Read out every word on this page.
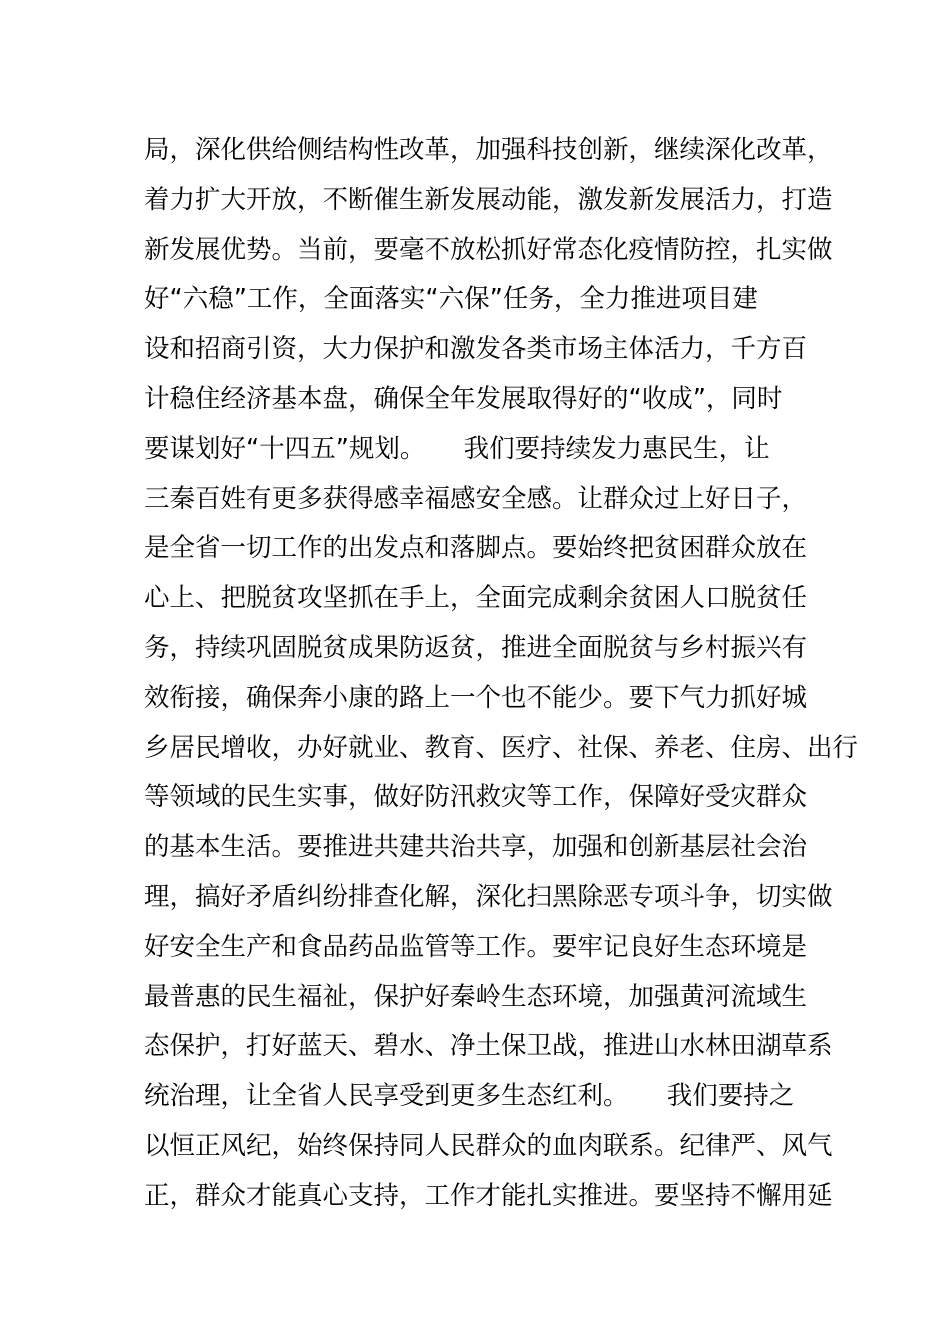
局，深化供给侧结构性改革，加强科技创新，继续深化改革，
着力扩大开放，不断催生新发展动能，激发新发展活力，打造
新发展优势。当前，要毫不放松抓好常态化疫情防控，扎实做
好“六稳”工作，全面落实“六保”任务，全力推进项目建
设和招商引资，大力保护和激发各类市场主体活力，千方百
计稳住经济基本盘，确保全年发展取得好的“收成”，同时
要谋划好“十四五”规划。　　我们要持续发力惠民生，让
三秦百姓有更多获得感幸福感安全感。让群众过上好日子，
是全省一切工作的出发点和落脚点。要始终把贫困群众放在
心上、把脱贫攻坚抓在手上，全面完成剩余贫困人口脱贫任
务，持续巩固脱贫成果防返贫，推进全面脱贫与乡村振兴有
效衔接，确保奔小康的路上一个也不能少。要下气力抓好城
乡居民增收，办好就业、教育、医疗、社保、养老、住房、出行
等领域的民生实事，做好防汛救灾等工作，保障好受灾群众
的基本生活。要推进共建共治共享，加强和创新基层社会治
理，搞好矛盾纠纷排查化解，深化扫黑除恶专项斗争，切实做
好安全生产和食品药品监管等工作。要牢记良好生态环境是
最普惠的民生福祉，保护好秦岭生态环境，加强黄河流域生
态保护，打好蓝天、碧水、净土保卫战，推进山水林田湖草系
统治理，让全省人民享受到更多生态红利。　　我们要持之
以恒正风纪，始终保持同人民群众的血肉联系。纪律严、风气
正，群众才能真心支持，工作才能扎实推进。要坚持不懈用延
